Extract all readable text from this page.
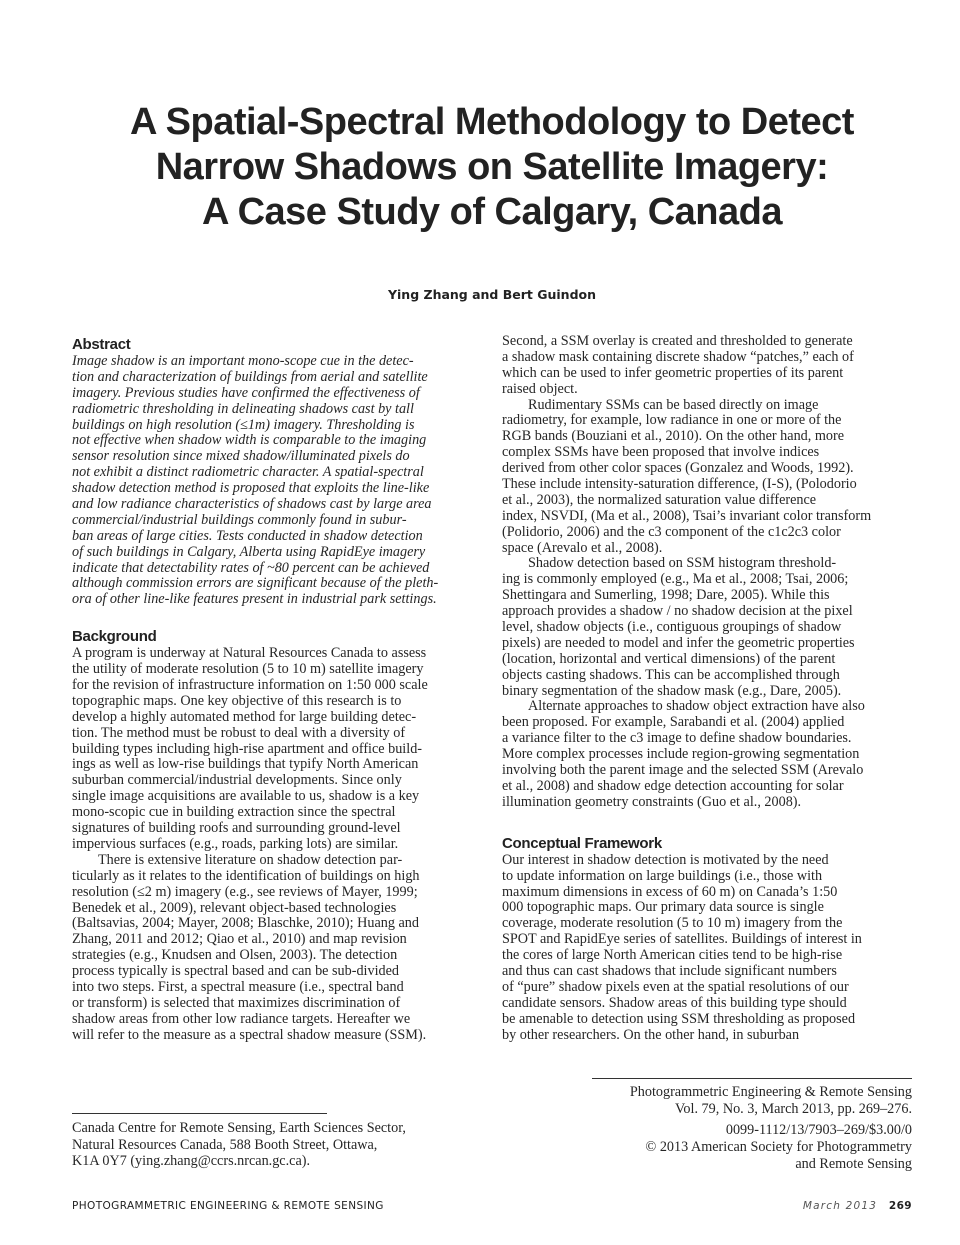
A Spatial-Spectral Methodology to Detect
Narrow Shadows on Satellite Imagery:
A Case Study of Calgary, Canada
Ying Zhang and Bert Guindon
Abstract
Image shadow is an important mono-scope cue in the detec-
tion and characterization of buildings from aerial and satellite
imagery. Previous studies have confirmed the effectiveness of
radiometric thresholding in delineating shadows cast by tall
buildings on high resolution (≤1m) imagery. Thresholding is
not effective when shadow width is comparable to the imaging
sensor resolution since mixed shadow/illuminated pixels do
not exhibit a distinct radiometric character. A spatial-spectral
shadow detection method is proposed that exploits the line-like
and low radiance characteristics of shadows cast by large area
commercial/industrial buildings commonly found in subur-
ban areas of large cities. Tests conducted in shadow detection
of such buildings in Calgary, Alberta using RapidEye imagery
indicate that detectability rates of ~80 percent can be achieved
although commission errors are significant because of the pleth-
ora of other line-like features present in industrial park settings.
Background
A program is underway at Natural Resources Canada to assess
the utility of moderate resolution (5 to 10 m) satellite imagery
for the revision of infrastructure information on 1:50 000 scale
topographic maps. One key objective of this research is to
develop a highly automated method for large building detec-
tion. The method must be robust to deal with a diversity of
building types including high-rise apartment and office build-
ings as well as low-rise buildings that typify North American
suburban commercial/industrial developments. Since only
single image acquisitions are available to us, shadow is a key
mono-scopic cue in building extraction since the spectral
signatures of building roofs and surrounding ground-level
impervious surfaces (e.g., roads, parking lots) are similar.
There is extensive literature on shadow detection par-
ticularly as it relates to the identification of buildings on high
resolution (≤2 m) imagery (e.g., see reviews of Mayer, 1999;
Benedek et al., 2009), relevant object-based technologies
(Baltsavias, 2004; Mayer, 2008; Blaschke, 2010); Huang and
Zhang, 2011 and 2012; Qiao et al., 2010) and map revision
strategies (e.g., Knudsen and Olsen, 2003). The detection
process typically is spectral based and can be sub-divided
into two steps. First, a spectral measure (i.e., spectral band
or transform) is selected that maximizes discrimination of
shadow areas from other low radiance targets. Hereafter we
will refer to the measure as a spectral shadow measure (SSM).
Second, a SSM overlay is created and thresholded to generate
a shadow mask containing discrete shadow “patches,” each of
which can be used to infer geometric properties of its parent
raised object.
Rudimentary SSMs can be based directly on image
radiometry, for example, low radiance in one or more of the
RGB bands (Bouziani et al., 2010). On the other hand, more
complex SSMs have been proposed that involve indices
derived from other color spaces (Gonzalez and Woods, 1992).
These include intensity-saturation difference, (I-S), (Polodorio
et al., 2003), the normalized saturation value difference
index, NSVDI, (Ma et al., 2008), Tsai’s invariant color transform
(Polidorio, 2006) and the c3 component of the c1c2c3 color
space (Arevalo et al., 2008).
Shadow detection based on SSM histogram threshold-
ing is commonly employed (e.g., Ma et al., 2008; Tsai, 2006;
Shettingara and Sumerling, 1998; Dare, 2005). While this
approach provides a shadow / no shadow decision at the pixel
level, shadow objects (i.e., contiguous groupings of shadow
pixels) are needed to model and infer the geometric properties
(location, horizontal and vertical dimensions) of the parent
objects casting shadows. This can be accomplished through
binary segmentation of the shadow mask (e.g., Dare, 2005).
Alternate approaches to shadow object extraction have also
been proposed. For example, Sarabandi et al. (2004) applied
a variance filter to the c3 image to define shadow boundaries.
More complex processes include region-growing segmentation
involving both the parent image and the selected SSM (Arevalo
et al., 2008) and shadow edge detection accounting for solar
illumination geometry constraints (Guo et al., 2008).
Conceptual Framework
Our interest in shadow detection is motivated by the need
to update information on large buildings (i.e., those with
maximum dimensions in excess of 60 m) on Canada’s 1:50
000 topographic maps. Our primary data source is single
coverage, moderate resolution (5 to 10 m) imagery from the
SPOT and RapidEye series of satellites. Buildings of interest in
the cores of large North American cities tend to be high-rise
and thus can cast shadows that include significant numbers
of “pure” shadow pixels even at the spatial resolutions of our
candidate sensors. Shadow areas of this building type should
be amenable to detection using SSM thresholding as proposed
by other researchers. On the other hand, in suburban
Canada Centre for Remote Sensing, Earth Sciences Sector,
Natural Resources Canada, 588 Booth Street, Ottawa,
K1A 0Y7 (ying.zhang@ccrs.nrcan.gc.ca).
Photogrammetric Engineering & Remote Sensing
Vol. 79, No. 3, March 2013, pp. 269–276.
0099-1112/13/7903–269/$3.00/0
© 2013 American Society for Photogrammetry
and Remote Sensing
PHOTOGRAMMETRIC ENGINEERING & REMOTE SENSING	March 2013 269
